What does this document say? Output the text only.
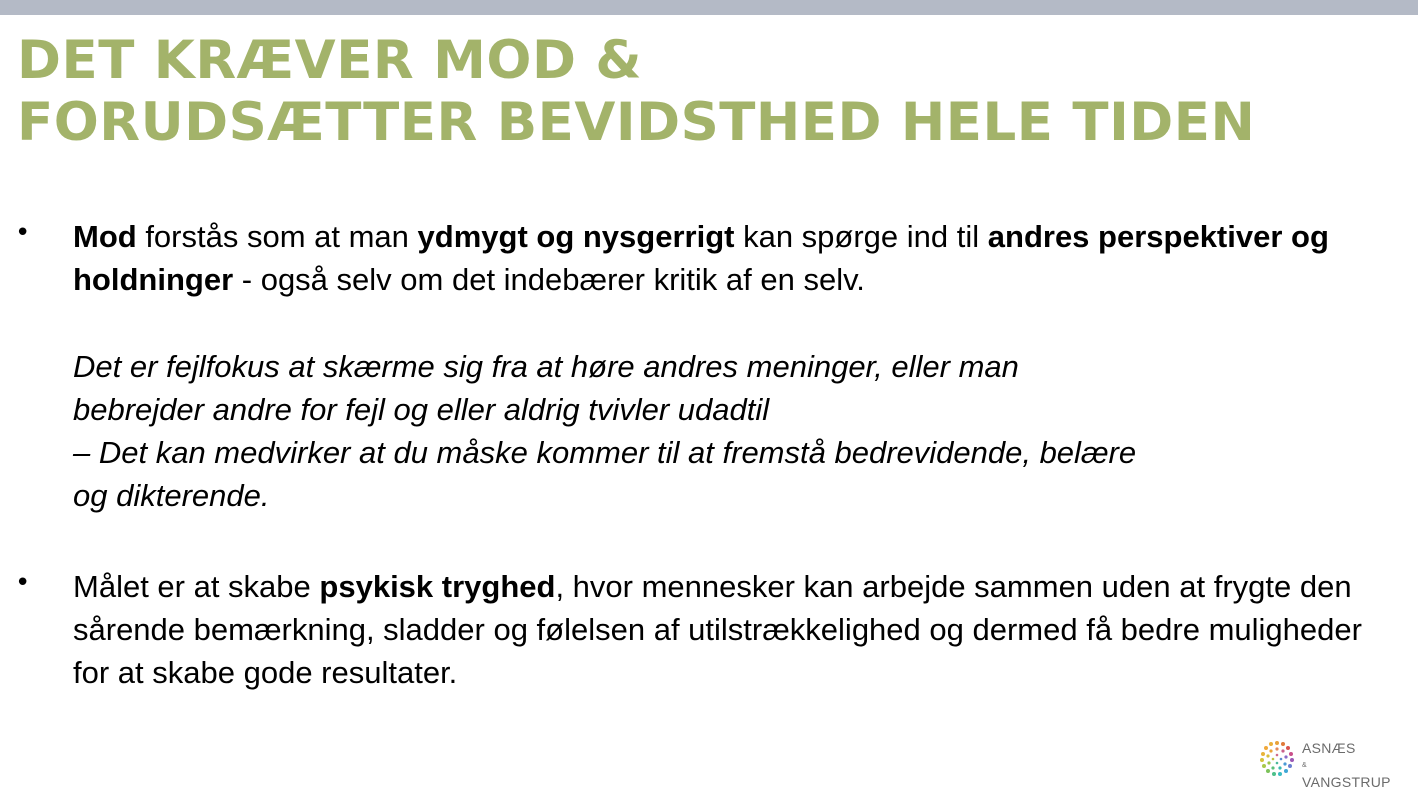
DET KRÆVER MOD &
FORUDSÆTTER BEVIDSTHED HELE TIDEN
• Mod forstås som at man ydmygt og nysgerrigt kan spørge ind til andres perspektiver og holdninger - også selv om det indebærer kritik af en selv.

Det er fejlfokus at skærme sig fra at høre andres meninger, eller man
bebrejder andre for fejl og eller aldrig tvivler udadtil
– Det kan medvirker at du måske kommer til at fremstå bedrevidende, belære
og dikterende.

• Målet er at skabe psykisk tryghed, hvor mennesker kan arbejde sammen uden at frygte den sårende bemærkning, sladder og følelsen af utilstrækkelighed og dermed få bedre muligheder for at skabe gode resultater.

ASNÆS
&
VANGSTRUP
